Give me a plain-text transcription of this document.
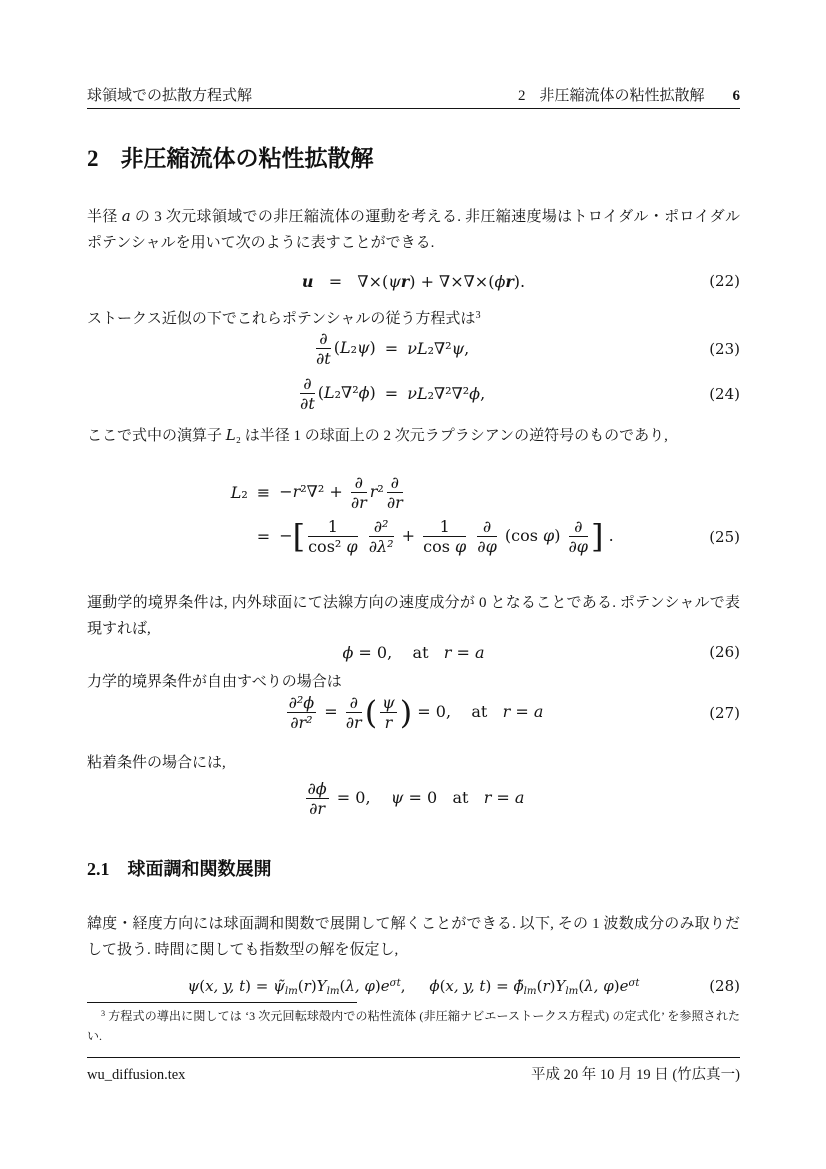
球領域での拡散方程式解	2 非圧縮流体の粘性拡散解 6
2 非圧縮流体の粘性拡散解

半径 a の 3 次元球領域での非圧縮流体の運動を考える. 非圧縮速度場はトロイダル・ポロイダルポテンシャルを用いて次のように表すことができる.

u   =   ∇×(ψr) + ∇×∇×(ϕr).	(22)

ストークス近似の下でこれらポテンシャルの従う方程式は$^3$

$\frac{\partial}{\partial t} (L_2\psi) = \nu L_2\nabla^2\psi$,	(23)
$\frac{\partial}{\partial t} (L_2\nabla^2\phi) = \nu L_2\nabla^2\nabla^2\phi$,	(24)

ここで式中の演算子 L₂ は半径 1 の球面上の 2 次元ラプラシアンの逆符号のものであり,

$L_2 \equiv -r^2\nabla^2 + \frac{\partial}{\partial r} r^2 \frac{\partial}{\partial r}$
= −[ $\frac{1}{\text{cos² φ}}$
$\frac{\text{∂²}}{\text{∂λ²}} + \frac{1}{\text{cos φ}}$
$\frac{\partial}{\partial\varphi} (\cos$ $\varphi) \frac{\partial}{\partial\varphi}$ ] .	(25)

運動学的境界条件は, 内外球面にて法線方向の速度成分が 0 となることである. ポテンシャルで表現すれば,

ϕ = 0,    at   r = a	(26)

力学的境界条件が自由すべりの場合は

$\frac{\text{∂²ϕ}}{\text{∂r²}} = \frac{\partial}{\partial r}$ ( $\frac{\psi}{r}$ ) = 0,    at   r = a	(27)

粘着条件の場合には,

$\frac{\partial\phi}{\partial r} = 0$,    ψ = 0   at   r = a
2.1 球面調和関数展開

緯度・経度方向には球面調和関数で展開して解くことができる. 以下, その 1 波数成分のみ取りだして扱う. 時間に関しても指数型の解を仮定し,

ψ(x, y, $t) = \psĩ_{lm}(r)Y_{lm}(\lambda$, $\varphi)e^{\sigma t}$,     ϕ(x, y, $t) = \phĩ_{lm}(r)Y_{lm}(\lambda$, $\varphi)e^{\sigma t}$	(28)

$^3$ 方程式の導出に関しては ‘3 次元回転球殻内での粘性流体 (非圧縮ナビエーストークス方程式) の定式化’ を参照されたい.

wu_diffusion.tex	平成 20 年 10 月 19 日 (竹広真一)
